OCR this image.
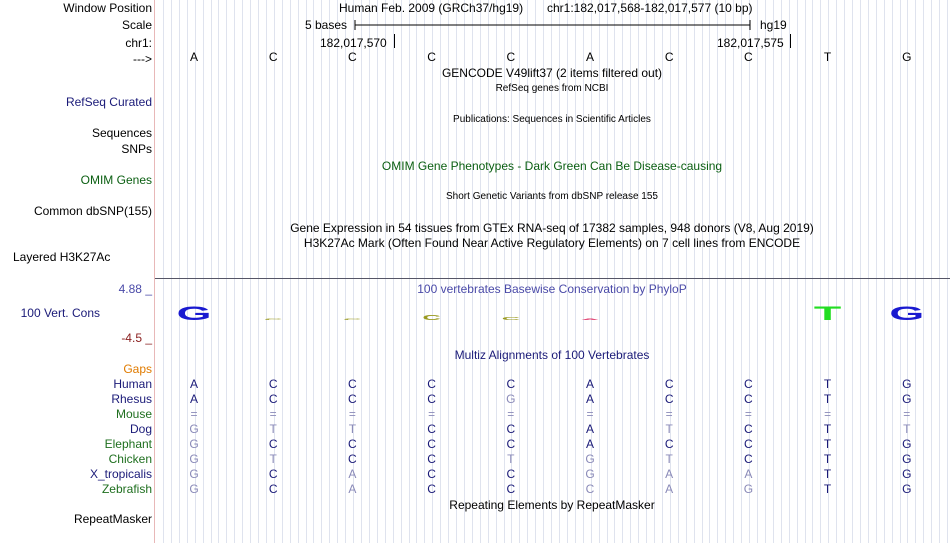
Window Position	Human Feb. 2009 (GRCh37/hg19) chr1:182,017,568-182,017,577 (10 bp)
Scale	5 bases	hg19
chr1:	182,017,570	182,017,575
--->	A	C	C	C	C	A	C	C	T	G
GENCODE V49lift37 (2 items filtered out)
RefSeq genes from NCBI
RefSeq Curated
Publications: Sequences in Scientific Articles
Sequences
SNPs
OMIM Gene Phenotypes - Dark Green Can Be Disease-causing
OMIM Genes
Short Genetic Variants from dbSNP release 155
Common dbSNP(155)
Gene Expression in 54 tissues from GTEx RNA-seq of 17382 samples, 948 donors (V8, Aug 2019)
H3K27Ac Mark (Often Found Near Active Regulatory Elements) on 7 cell lines from ENCODE
Layered H3K27Ac
100 vertebrates Basewise Conservation by PhyloP
4.88 _
100 Vert. Cons
-4.5 _
G	C	C	C	C	A	T	G
Multiz Alignments of 100 Vertebrates
Gaps
Human	A	C	C	C	C	A	C	C	T	G
Rhesus	A	C	C	C	G	A	C	C	T	G
Mouse	=	=	=	=	=	=	=	=	=	=
Dog	G	T	T	C	C	A	T	C	T	T
Elephant	G	C	C	C	C	A	C	C	T	G
Chicken	G	T	C	C	T	G	T	C	T	G
X_tropicalis	G	C	A	C	C	G	A	A	T	G
Zebrafish	G	C	A	C	C	C	A	G	T	G
RepeatMasker
Repeating Elements by RepeatMasker
